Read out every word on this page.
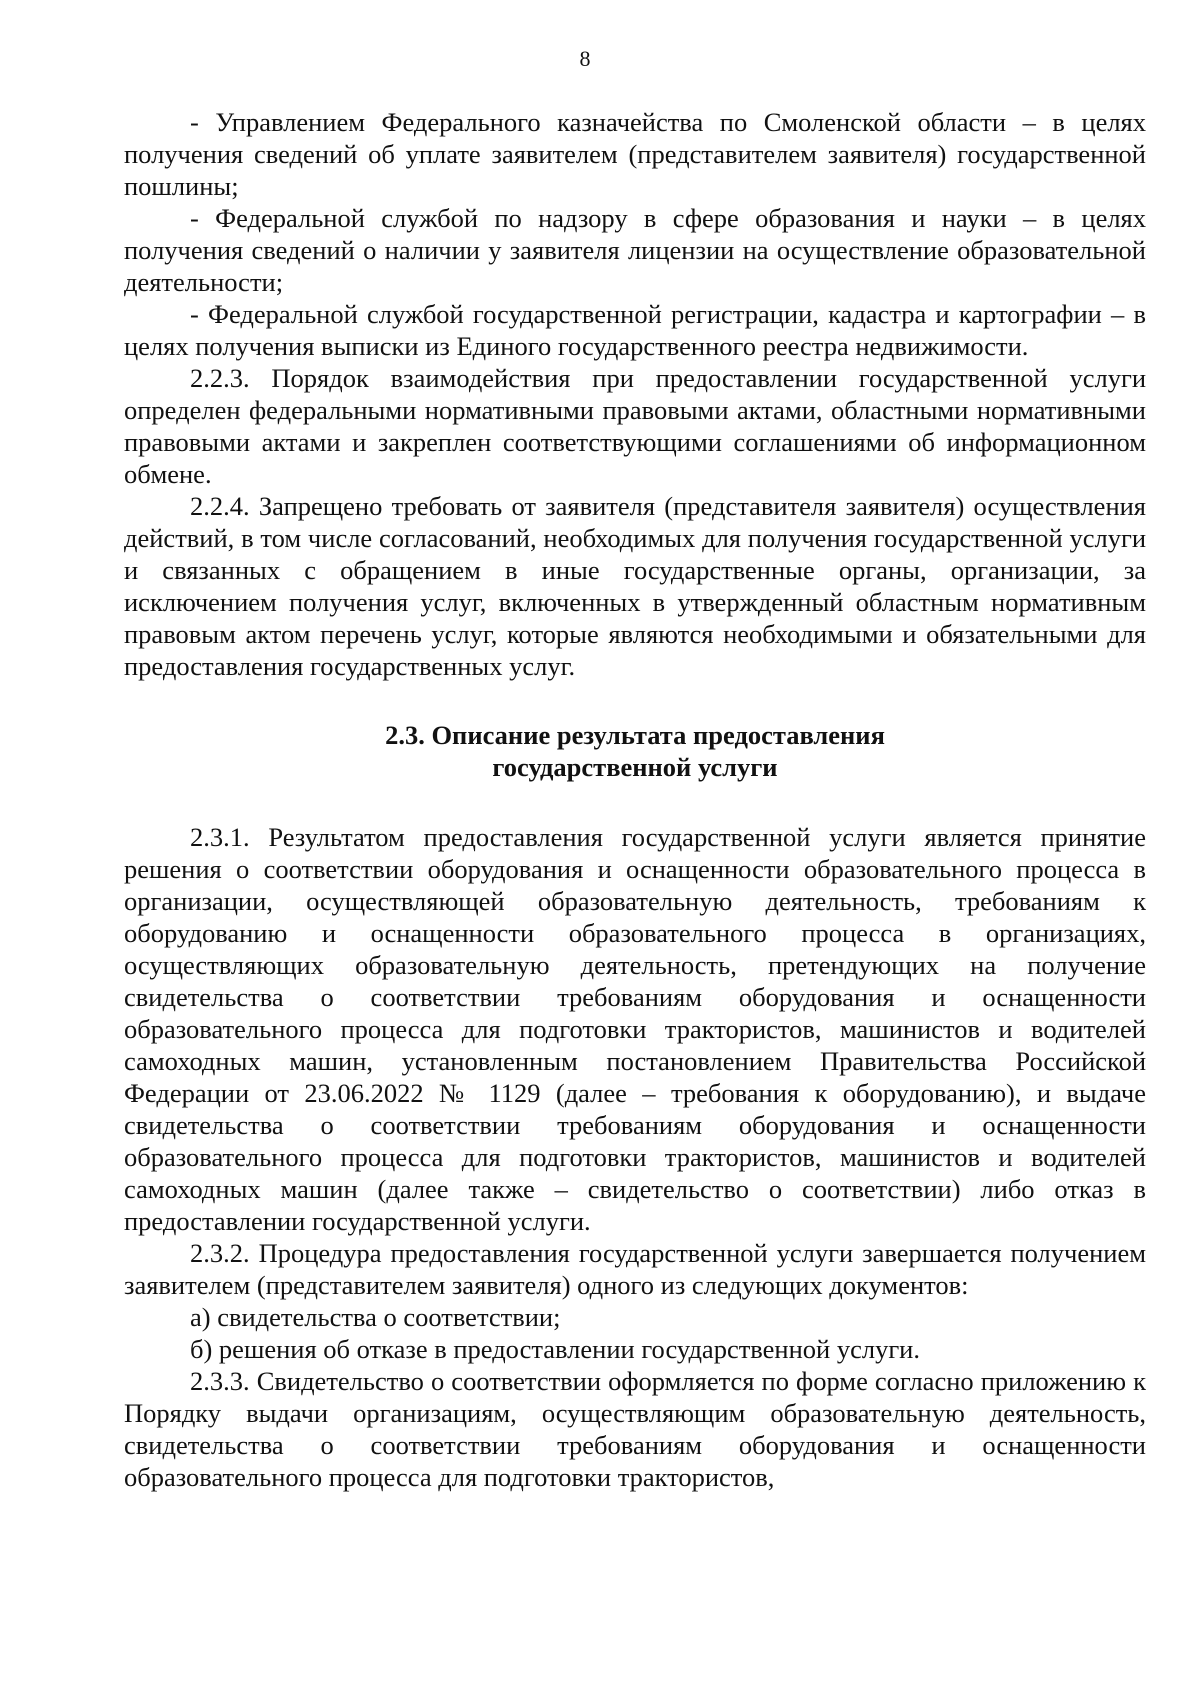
8

- Управлением Федерального казначейства по Смоленской области – в целях получения сведений об уплате заявителем (представителем заявителя) государственной пошлины;

- Федеральной службой по надзору в сфере образования и науки – в целях получения сведений о наличии у заявителя лицензии на осуществление образовательной деятельности;

- Федеральной службой государственной регистрации, кадастра и картографии – в целях получения выписки из Единого государственного реестра недвижимости.

2.2.3. Порядок взаимодействия при предоставлении государственной услуги определен федеральными нормативными правовыми актами, областными нормативными правовыми актами и закреплен соответствующими соглашениями об информационном обмене.

2.2.4. Запрещено требовать от заявителя (представителя заявителя) осуществления действий, в том числе согласований, необходимых для получения государственной услуги и связанных с обращением в иные государственные органы, организации, за исключением получения услуг, включенных в утвержденный областным нормативным правовым актом перечень услуг, которые являются необходимыми и обязательными для предоставления государственных услуг.

2.3. Описание результата предоставления
государственной услуги

2.3.1. Результатом предоставления государственной услуги является принятие решения о соответствии оборудования и оснащенности образовательного процесса в организации, осуществляющей образовательную деятельность, требованиям к оборудованию и оснащенности образовательного процесса в организациях, осуществляющих образовательную деятельность, претендующих на получение свидетельства о соответствии требованиям оборудования и оснащенности образовательного процесса для подготовки трактористов, машинистов и водителей самоходных машин, установленным постановлением Правительства Российской Федерации от 23.06.2022 № 1129 (далее – требования к оборудованию), и выдаче свидетельства о соответствии требованиям оборудования и оснащенности образовательного процесса для подготовки трактористов, машинистов и водителей самоходных машин (далее также – свидетельство о соответствии) либо отказ в предоставлении государственной услуги.

2.3.2. Процедура предоставления государственной услуги завершается получением заявителем (представителем заявителя) одного из следующих документов:

а) свидетельства о соответствии;

б) решения об отказе в предоставлении государственной услуги.

2.3.3. Свидетельство о соответствии оформляется по форме согласно приложению к Порядку выдачи организациям, осуществляющим образовательную деятельность, свидетельства о соответствии требованиям оборудования и оснащенности образовательного процесса для подготовки трактористов,
